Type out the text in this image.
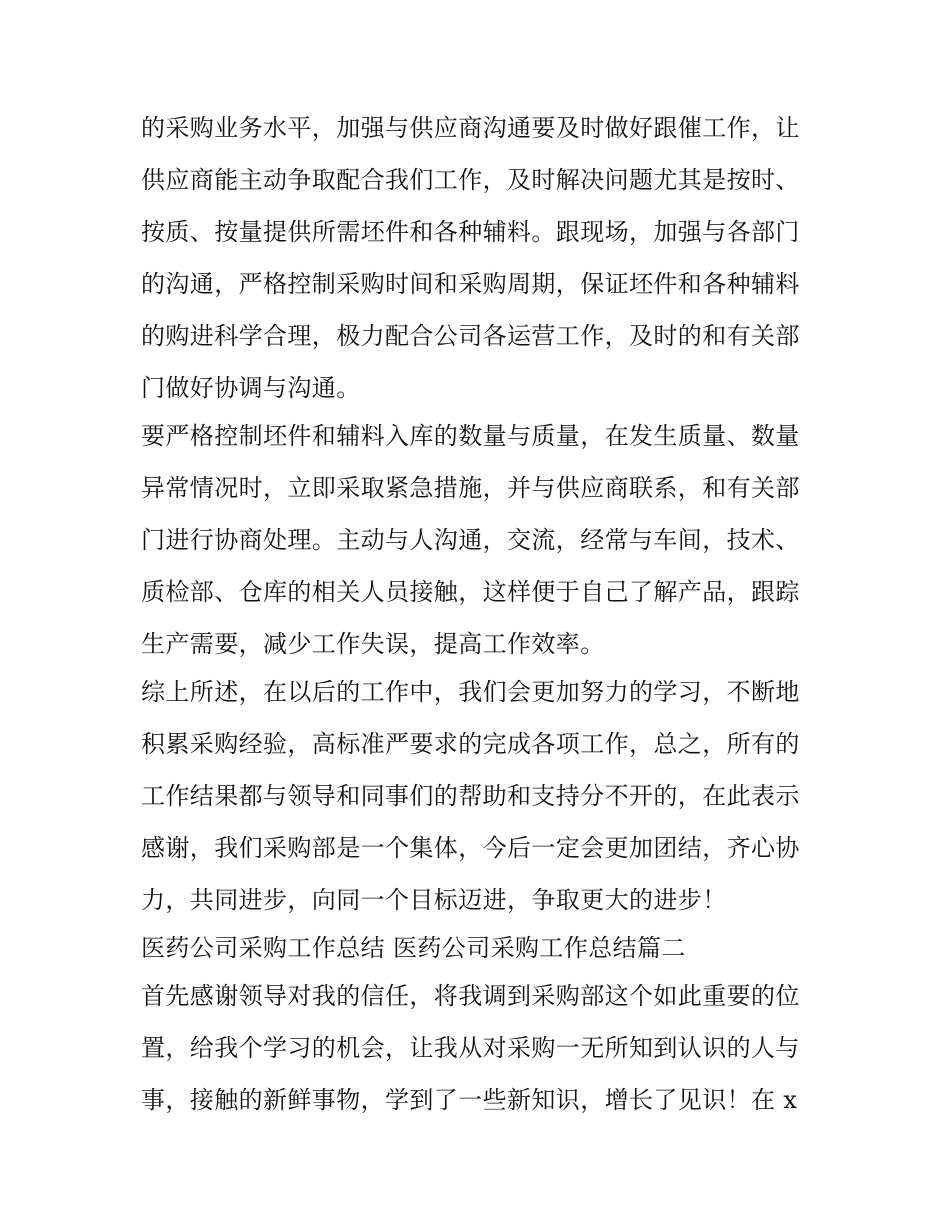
的采购业务水平，加强与供应商沟通要及时做好跟催工作，让
供应商能主动争取配合我们工作，及时解决问题尤其是按时、
按质、按量提供所需坯件和各种辅料。跟现场，加强与各部门
的沟通，严格控制采购时间和采购周期，保证坯件和各种辅料
的购进科学合理，极力配合公司各运营工作，及时的和有关部
门做好协调与沟通。
要严格控制坯件和辅料入库的数量与质量，在发生质量、数量
异常情况时，立即采取紧急措施，并与供应商联系，和有关部
门进行协商处理。主动与人沟通，交流，经常与车间，技术、
质检部、仓库的相关人员接触，这样便于自己了解产品，跟踪
生产需要，减少工作失误，提高工作效率。
综上所述，在以后的工作中，我们会更加努力的学习，不断地
积累采购经验，高标准严要求的完成各项工作，总之，所有的
工作结果都与领导和同事们的帮助和支持分不开的，在此表示
感谢，我们采购部是一个集体，今后一定会更加团结，齐心协
力，共同进步，向同一个目标迈进，争取更大的进步！
医药公司采购工作总结 医药公司采购工作总结篇二
首先感谢领导对我的信任，将我调到采购部这个如此重要的位
置，给我个学习的机会，让我从对采购一无所知到认识的人与
事，接触的新鲜事物，学到了一些新知识，增长了见识！在 x
